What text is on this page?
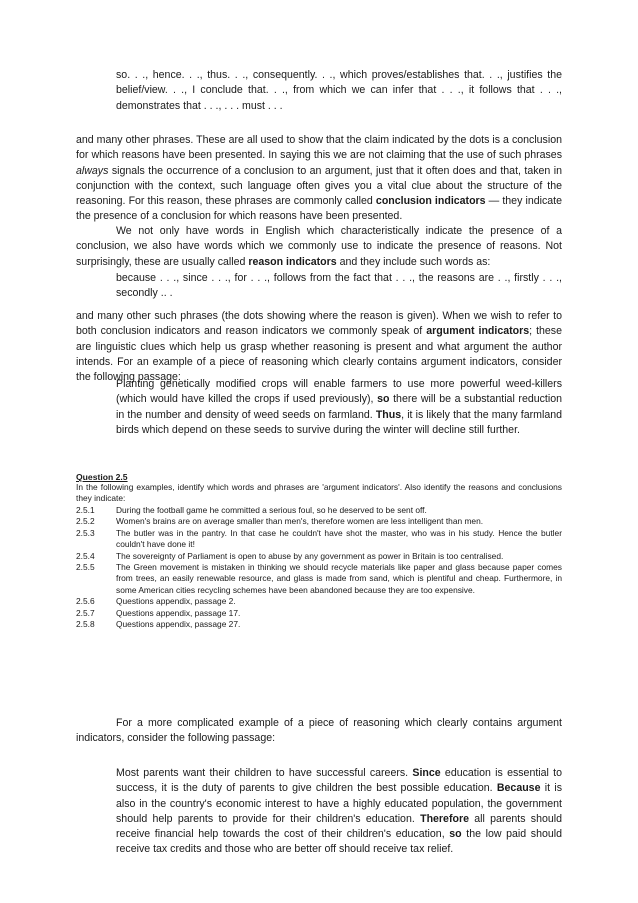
so. . ., hence. . ., thus. . ., consequently. . ., which proves/establishes that. . ., justifies the belief/view. . ., I conclude that. . ., from which we can infer that . . ., it follows that . . ., demonstrates that . . ., . . . must . . .

and many other phrases. These are all used to show that the claim indicated by the dots is a conclusion for which reasons have been presented. In saying this we are not claiming that the use of such phrases always signals the occurrence of a conclusion to an argument, just that it often does and that, taken in conjunction with the context, such language often gives you a vital clue about the structure of the reasoning. For this reason, these phrases are commonly called conclusion indicators — they indicate the presence of a conclusion for which reasons have been presented.

We not only have words in English which characteristically indicate the presence of a conclusion, we also have words which we commonly use to indicate the presence of reasons. Not surprisingly, these are usually called reason indicators and they include such words as:

because . . ., since . . ., for . . ., follows from the fact that . . ., the reasons are . ., firstly . . ., secondly .. .

and many other such phrases (the dots showing where the reason is given). When we wish to refer to both conclusion indicators and reason indicators we commonly speak of argument indicators; these are linguistic clues which help us grasp whether reasoning is present and what argument the author intends. For an example of a piece of reasoning which clearly contains argument indicators, consider the following passage:

Planting genetically modified crops will enable farmers to use more powerful weed-killers (which would have killed the crops if used previously), so there will be a substantial reduction in the number and density of weed seeds on farmland. Thus, it is likely that the many farmland birds which depend on these seeds to survive during the winter will decline still further.

Question 2.5
In the following examples, identify which words and phrases are 'argument indicators'. Also identify the reasons and conclusions they indicate:
2.5.1	During the football game he committed a serious foul, so he deserved to be sent off.
2.5.2	Women's brains are on average smaller than men's, therefore women are less intelligent than men.
2.5.3	The butler was in the pantry. In that case he couldn't have shot the master, who was in his study. Hence the butler couldn't have done it!
2.5.4	The sovereignty of Parliament is open to abuse by any government as power in Britain is too centralised.
2.5.5	The Green movement is mistaken in thinking we should recycle materials like paper and glass because paper comes from trees, an easily renewable resource, and glass is made from sand, which is plentiful and cheap. Furthermore, in some American cities recycling schemes have been abandoned because they are too expensive.
2.5.6	Questions appendix, passage 2.
2.5.7	Questions appendix, passage 17.
2.5.8	Questions appendix, passage 27.

For a more complicated example of a piece of reasoning which clearly contains argument indicators, consider the following passage:

Most parents want their children to have successful careers. Since education is essential to success, it is the duty of parents to give children the best possible education. Because it is also in the country's economic interest to have a highly educated population, the government should help parents to provide for their children's education. Therefore all parents should receive financial help towards the cost of their children's education, so the low paid should receive tax credits and those who are better off should receive tax relief.
